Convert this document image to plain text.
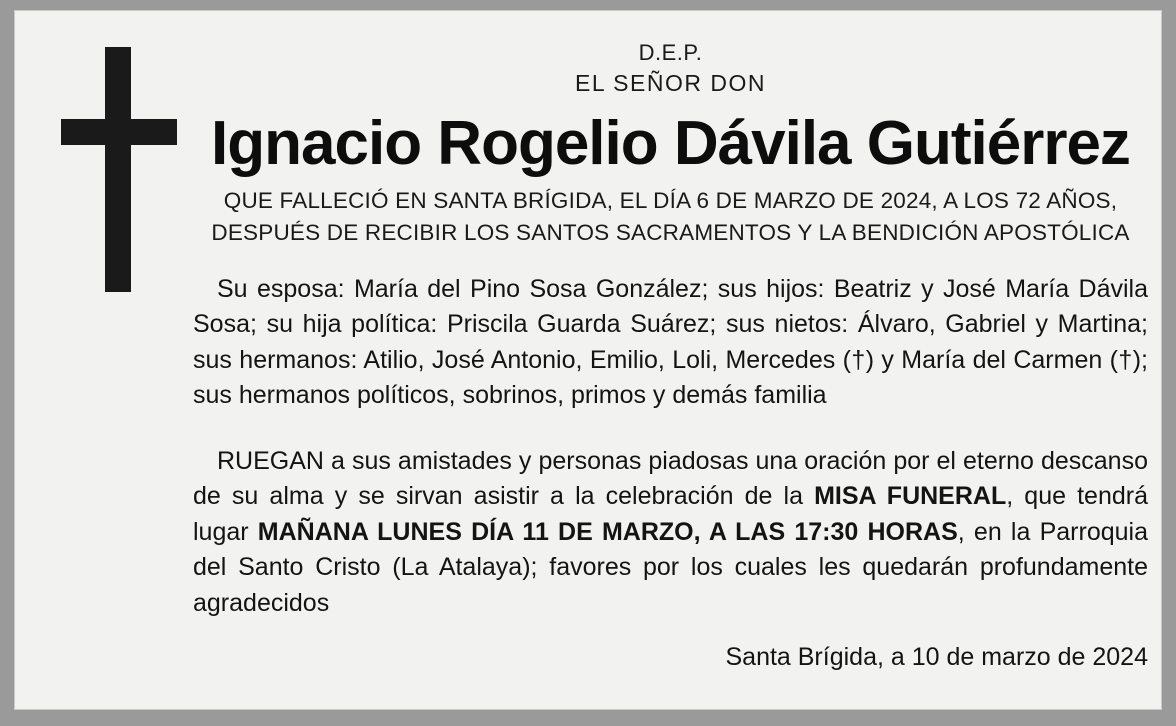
D.E.P.
EL SEÑOR DON
Ignacio Rogelio Dávila Gutiérrez
QUE FALLECIÓ EN SANTA BRÍGIDA, EL DÍA 6 DE MARZO DE 2024, A LOS 72 AÑOS,
DESPUÉS DE RECIBIR LOS SANTOS SACRAMENTOS Y LA BENDICIÓN APOSTÓLICA
Su esposa: María del Pino Sosa González; sus hijos: Beatriz y José María Dávila Sosa; su hija política: Priscila Guarda Suárez; sus nietos: Álvaro, Gabriel y Martina; sus hermanos: Atilio, José Antonio, Emilio, Loli, Mercedes (†) y María del Carmen (†); sus hermanos políticos, sobrinos, primos y demás familia
RUEGAN a sus amistades y personas piadosas una oración por el eterno descanso de su alma y se sirvan asistir a la celebración de la MISA FUNERAL, que tendrá lugar MAÑANA LUNES DÍA 11 DE MARZO, A LAS 17:30 HORAS, en la Parroquia del Santo Cristo (La Atalaya); favores por los cuales les quedarán profundamente agradecidos
Santa Brígida, a 10 de marzo de 2024
